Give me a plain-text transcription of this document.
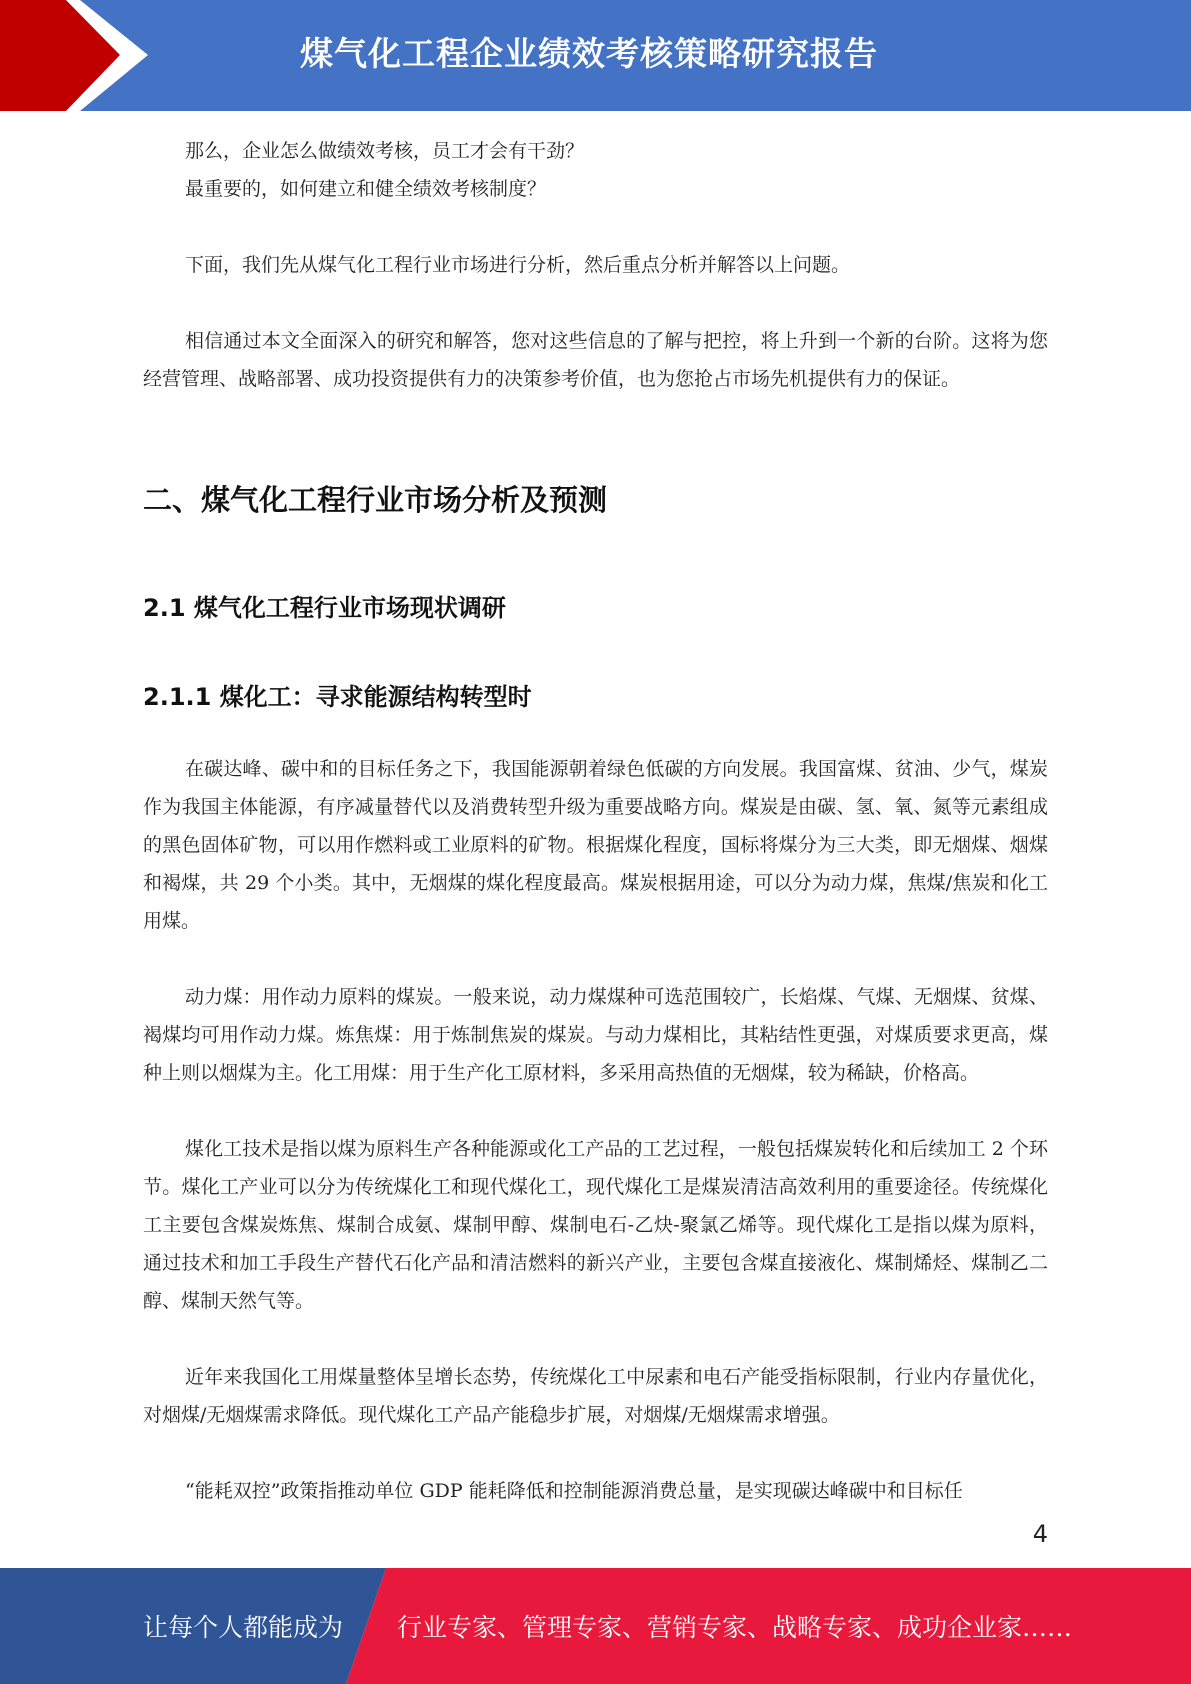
煤气化工程企业绩效考核策略研究报告

那么，企业怎么做绩效考核，员工才会有干劲？

最重要的，如何建立和健全绩效考核制度？

下面，我们先从煤气化工程行业市场进行分析，然后重点分析并解答以上问题。

相信通过本文全面深入的研究和解答，您对这些信息的了解与把控，将上升到一个新的台阶。这将为您经营管理、战略部署、成功投资提供有力的决策参考价值，也为您抢占市场先机提供有力的保证。

二、煤气化工程行业市场分析及预测
2.1 煤气化工程行业市场现状调研
2.1.1 煤化工：寻求能源结构转型时

在碳达峰、碳中和的目标任务之下，我国能源朝着绿色低碳的方向发展。我国富煤、贫油、少气，煤炭作为我国主体能源，有序减量替代以及消费转型升级为重要战略方向。煤炭是由碳、氢、氧、氮等元素组成的黑色固体矿物，可以用作燃料或工业原料的矿物。根据煤化程度，国标将煤分为三大类，即无烟煤、烟煤和褐煤，共 29 个小类。其中，无烟煤的煤化程度最高。煤炭根据用途，可以分为动力煤，焦煤/焦炭和化工用煤。

动力煤：用作动力原料的煤炭。一般来说，动力煤煤种可选范围较广，长焰煤、气煤、无烟煤、贫煤、褐煤均可用作动力煤。炼焦煤：用于炼制焦炭的煤炭。与动力煤相比，其粘结性更强，对煤质要求更高，煤种上则以烟煤为主。化工用煤：用于生产化工原材料，多采用高热值的无烟煤，较为稀缺，价格高。

煤化工技术是指以煤为原料生产各种能源或化工产品的工艺过程，一般包括煤炭转化和后续加工 2 个环节。煤化工产业可以分为传统煤化工和现代煤化工，现代煤化工是煤炭清洁高效利用的重要途径。传统煤化工主要包含煤炭炼焦、煤制合成氨、煤制甲醇、煤制电石-乙炔-聚氯乙烯等。现代煤化工是指以煤为原料，通过技术和加工手段生产替代石化产品和清洁燃料的新兴产业，主要包含煤直接液化、煤制烯烃、煤制乙二醇、煤制天然气等。

近年来我国化工用煤量整体呈增长态势，传统煤化工中尿素和电石产能受指标限制，行业内存量优化，对烟煤/无烟煤需求降低。现代煤化工产品产能稳步扩展，对烟煤/无烟煤需求增强。

“能耗双控”政策指推动单位 GDP 能耗降低和控制能源消费总量，是实现碳达峰碳中和目标任

4
让每个人都能成为 行业专家、管理专家、营销专家、战略专家、成功企业家……
